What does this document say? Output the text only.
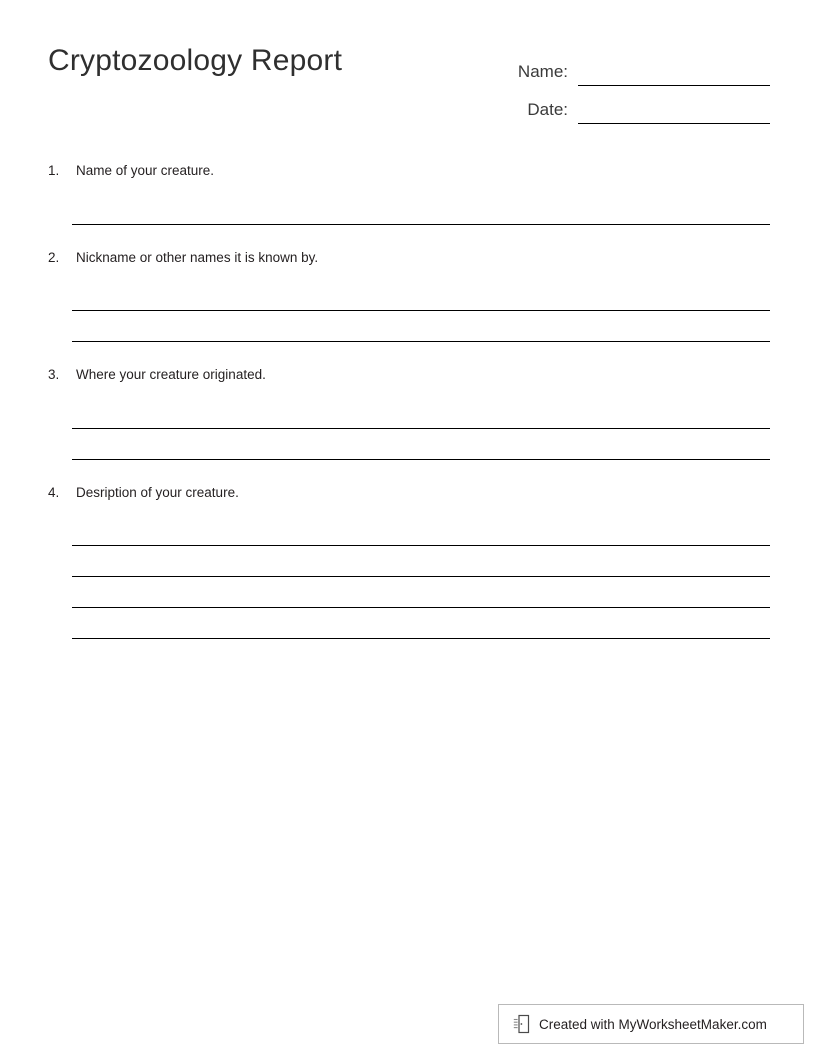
Cryptozoology Report	Name:
Date:
1.	Name of your creature.
2.	Nickname or other names it is known by.
3.	Where your creature originated.
4.	Desription of your creature.
Created with MyWorksheetMaker.com
